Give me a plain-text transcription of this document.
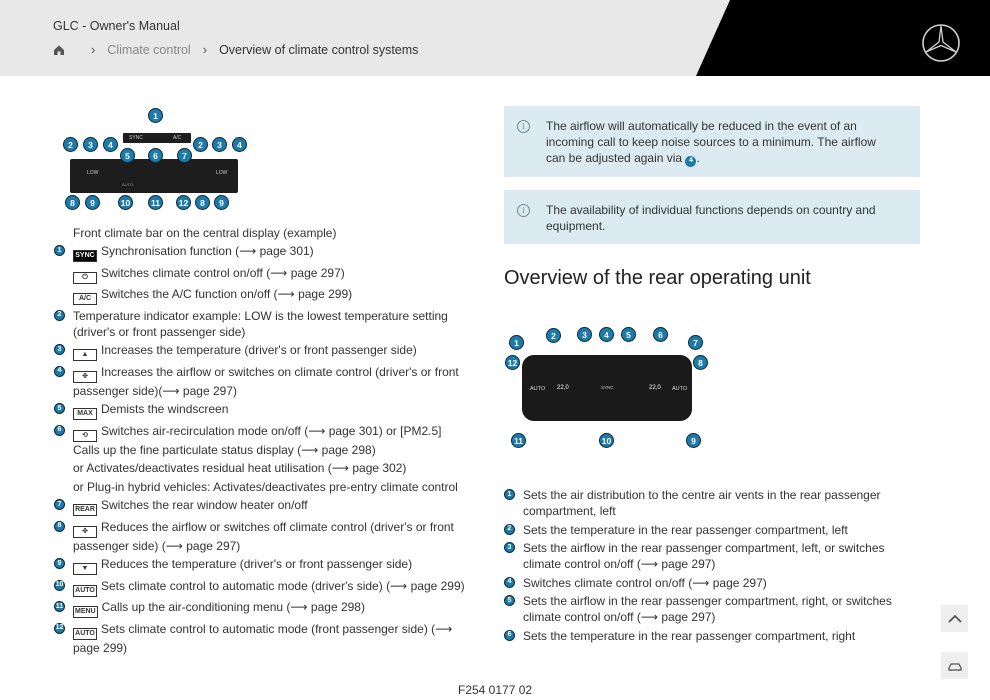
GLC - Owner's Manual
› Climate control › Overview of climate control systems
SYNC	A/C
LOW	LOW
AUTO
1
2	3	4	2	3	4
5	6	7
8	9	10	11	12	8	9
Front climate bar on the central display (example)
1
SYNC Synchronisation function (⟶ page 301)
⏻ Switches climate control on/off (⟶ page 297)
A/C Switches the A/C function on/off (⟶ page 299)
2 Temperature indicator example: LOW is the lowest temperature setting (driver's or front passenger side)
3
▲ Increases the temperature (driver's or front passenger side)
4
✤ Increases the airflow or switches on climate control (driver's or front passenger side)(⟶ page 297)
5
MAX Demists the windscreen
6
⟲ Switches air-recirculation mode on/off (⟶ page 301) or [PM2.5] Calls up the fine particulate status display (⟶ page 298)
or Activates/deactivates residual heat utilisation (⟶ page 302)
or Plug-in hybrid vehicles: Activates/deactivates pre-entry climate control
7
REAR Switches the rear window heater on/off
8
✤ Reduces the airflow or switches off climate control (driver's or front passenger side) (⟶ page 297)
9
▼ Reduces the temperature (driver's or front passenger side)
10
AUTO Sets climate control to automatic mode (driver's side) (⟶ page 299)
11
MENU Calls up the air-conditioning menu (⟶ page 298)
12
AUTO Sets climate control to automatic mode (front passenger side) (⟶ page 299)
i	The airflow will automatically be reduced in the event of an incoming call to keep noise sources to a minimum. The airflow can be adjusted again via 4 .
i	The availability of individual functions depends on country and equipment.
Overview of the rear operating unit
AUTO 22,0	SYNC	22,0 AUTO
1
2	3	4	5	6
7
12	8
11	10	9
1 Sets the air distribution to the centre air vents in the rear passenger compartment, left
2 Sets the temperature in the rear passenger compartment, left
3 Sets the airflow in the rear passenger compartment, left, or switches climate control on/off (⟶ page 297)
4 Switches climate control on/off (⟶ page 297)
5 Sets the airflow in the rear passenger compartment, right, or switches climate control on/off (⟶ page 297)
6 Sets the temperature in the rear passenger compartment, right
F254 0177 02
